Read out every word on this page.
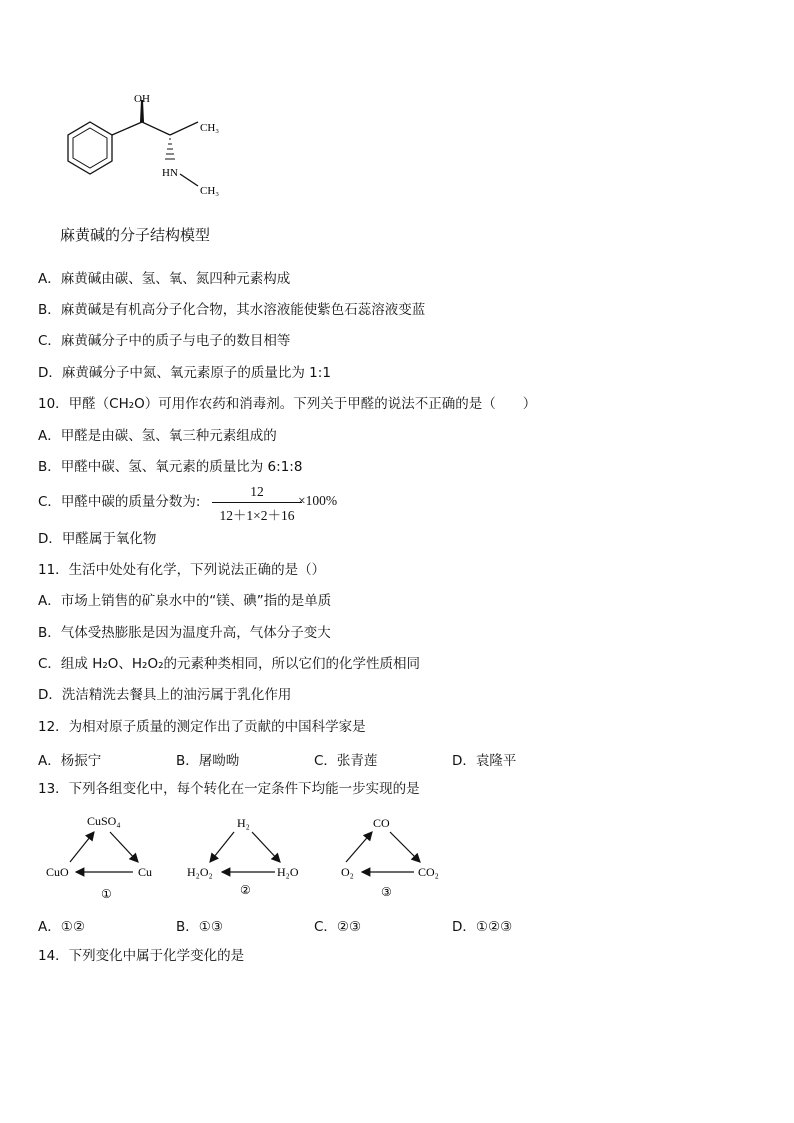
OH
CH₃
HN
CH₃
麻黄碱的分子结构模型
A．麻黄碱由碳、氢、氧、氮四种元素构成
B．麻黄碱是有机高分子化合物，其水溶液能使紫色石蕊溶液变蓝
C．麻黄碱分子中的质子与电子的数目相等
D．麻黄碱分子中氮、氧元素原子的质量比为 1:1
10．甲醛（CH₂O）可用作农药和消毒剂。下列关于甲醛的说法不正确的是（　　）
A．甲醛是由碳、氢、氧三种元素组成的
B．甲醛中碳、氢、氧元素的质量比为 6:1:8
C．甲醛中碳的质量分数为:
12
12＋1×2＋16
×100%
D．甲醛属于氧化物
11．生活中处处有化学，下列说法正确的是（）
A．市场上销售的矿泉水中的“镁、碘”指的是单质
B．气体受热膨胀是因为温度升高，气体分子变大
C．组成 H₂O、H₂O₂的元素种类相同，所以它们的化学性质相同
D．洗洁精洗去餐具上的油污属于乳化作用
12．为相对原子质量的测定作出了贡献的中国科学家是
A．杨振宁	B．屠呦呦	C．张青莲	D．袁隆平
13．下列各组变化中，每个转化在一定条件下均能一步实现的是
CuSO₄
CuO	Cu
①
H₂
H₂O₂	H₂O
②
CO
O₂	CO₂
③
A．①②	B．①③	C．②③	D．①②③
14．下列变化中属于化学变化的是
